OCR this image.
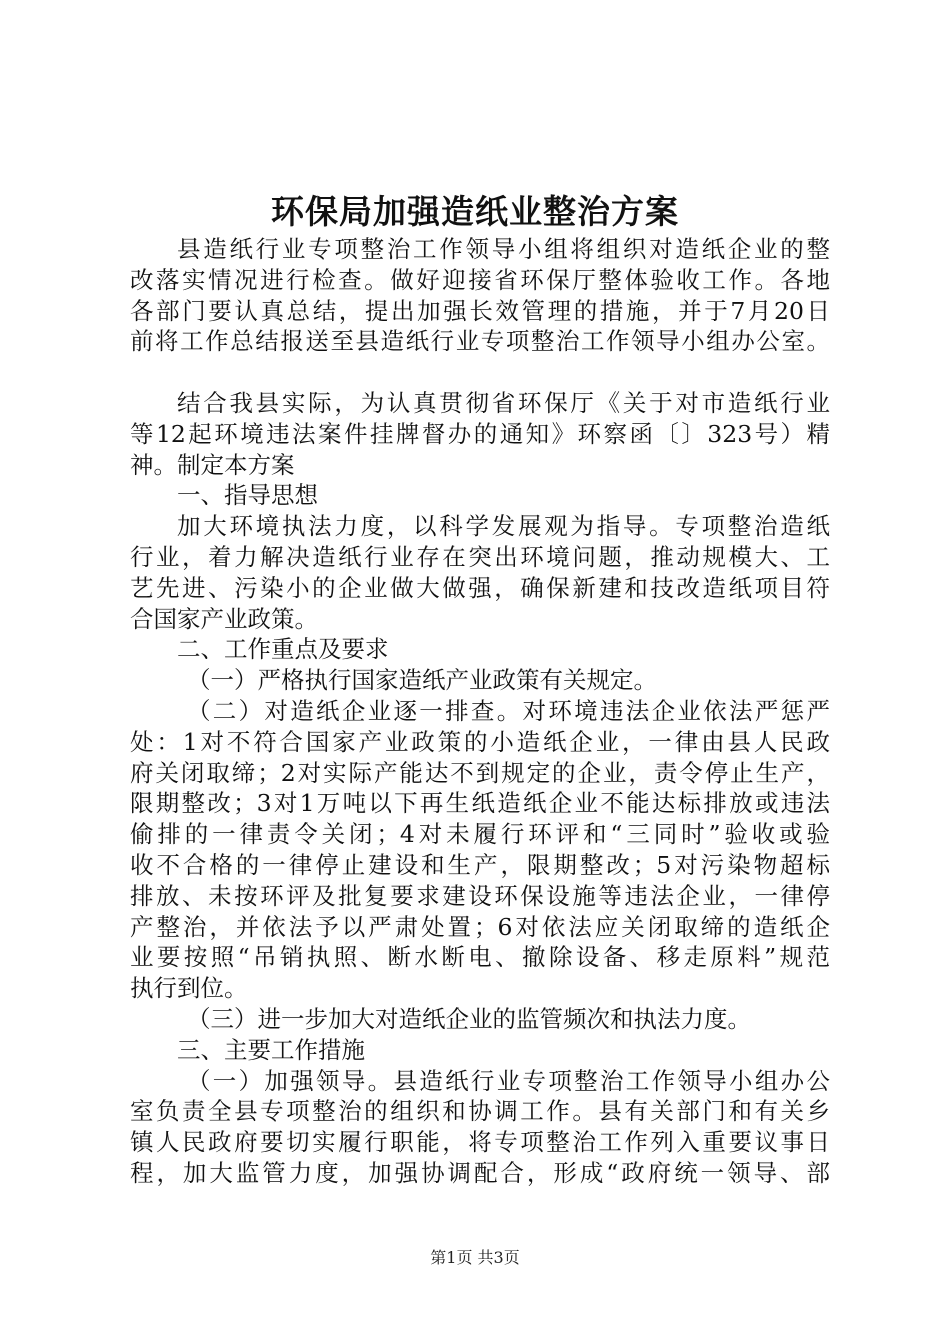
环保局加强造纸业整治方案
县造纸行业专项整治工作领导小组将组织对造纸企业的整
改落实情况进行检查。做好迎接省环保厅整体验收工作。各地
各部门要认真总结，提出加强长效管理的措施，并于7月20日
前将工作总结报送至县造纸行业专项整治工作领导小组办公室。
结合我县实际，为认真贯彻省环保厅《关于对市造纸行业
等12起环境违法案件挂牌督办的通知》环察函〔〕323号）精
神。制定本方案
一、指导思想
加大环境执法力度，以科学发展观为指导。专项整治造纸
行业，着力解决造纸行业存在突出环境问题，推动规模大、工
艺先进、污染小的企业做大做强，确保新建和技改造纸项目符
合国家产业政策。
二、工作重点及要求
（一）严格执行国家造纸产业政策有关规定。
（二）对造纸企业逐一排查。对环境违法企业依法严惩严
处：1对不符合国家产业政策的小造纸企业，一律由县人民政
府关闭取缔；2对实际产能达不到规定的企业，责令停止生产，
限期整改；3对1万吨以下再生纸造纸企业不能达标排放或违法
偷排的一律责令关闭；4对未履行环评和“三同时”验收或验
收不合格的一律停止建设和生产，限期整改；5对污染物超标
排放、未按环评及批复要求建设环保设施等违法企业，一律停
产整治，并依法予以严肃处置；6对依法应关闭取缔的造纸企
业要按照“吊销执照、断水断电、撤除设备、移走原料”规范
执行到位。
（三）进一步加大对造纸企业的监管频次和执法力度。
三、主要工作措施
（一）加强领导。县造纸行业专项整治工作领导小组办公
室负责全县专项整治的组织和协调工作。县有关部门和有关乡
镇人民政府要切实履行职能，将专项整治工作列入重要议事日
程，加大监管力度，加强协调配合，形成“政府统一领导、部
第1页 共3页
